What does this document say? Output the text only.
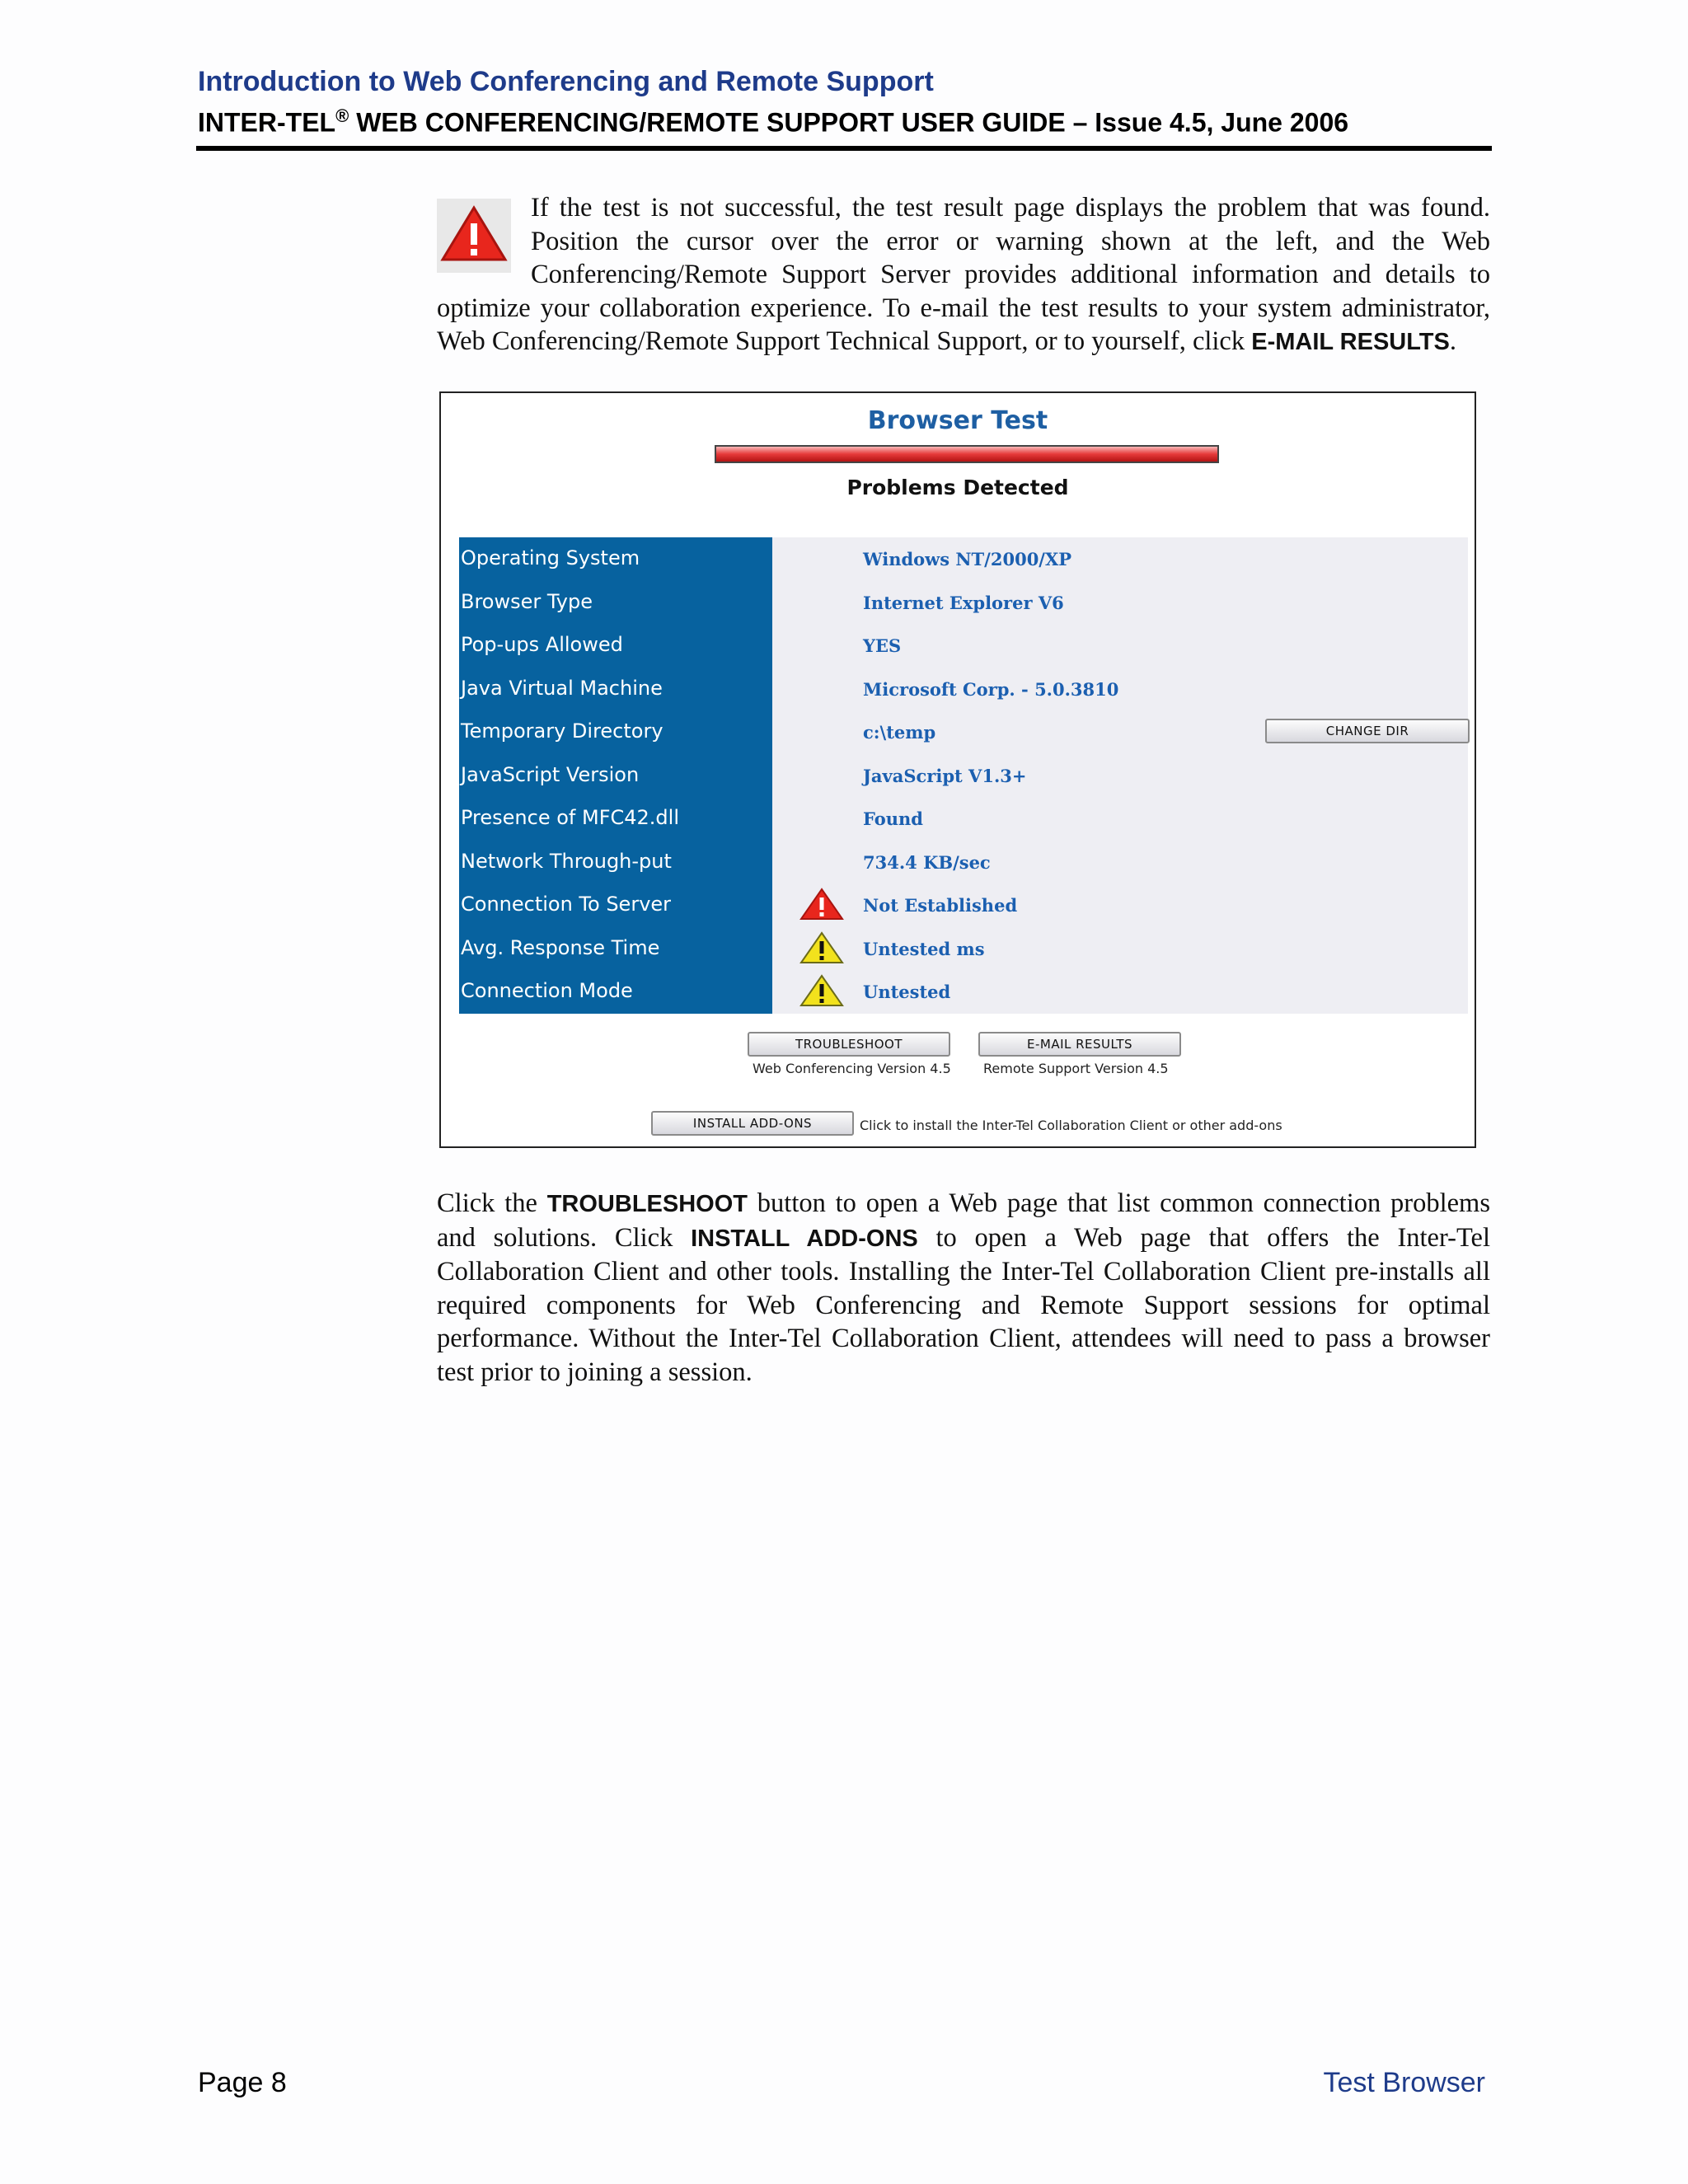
Introduction to Web Conferencing and Remote Support
INTER-TEL® WEB CONFERENCING/REMOTE SUPPORT USER GUIDE – Issue 4.5, June 2006

If the test is not successful, the test result page displays the problem that was found. Position the cursor over the error or warning shown at the left, and the Web Conferencing/Remote Support Server provides additional information and details to optimize your collaboration experience. To e-mail the test results to your system administrator, Web Conferencing/Remote Support Technical Support, or to yourself, click E-MAIL RESULTS.

Browser Test

Problems Detected

Operating System	Windows NT/2000/XP
Browser Type	Internet Explorer V6
Pop-ups Allowed	YES
Java Virtual Machine	Microsoft Corp. - 5.0.3810
Temporary Directory	c:\temp
JavaScript Version	JavaScript V1.3+
Presence of MFC42.dll	Found
Network Through-put	734.4 KB/sec
Connection To Server	Not Established
Avg. Response Time	Untested ms
Connection Mode	Untested
CHANGE DIR
TROUBLESHOOT	E-MAIL RESULTS
Web Conferencing Version 4.5 Remote Support Version 4.5
INSTALL ADD-ONS	Click to install the Inter-Tel Collaboration Client or other add-ons

Click the TROUBLESHOOT button to open a Web page that list common connection problems and solutions. Click INSTALL ADD-ONS to open a Web page that offers the Inter-Tel Collaboration Client and other tools. Installing the Inter-Tel Collaboration Client pre-installs all required components for Web Conferencing and Remote Support sessions for optimal performance. Without the Inter-Tel Collaboration Client, attendees will need to pass a browser test prior to joining a session.

Page 8	Test Browser
